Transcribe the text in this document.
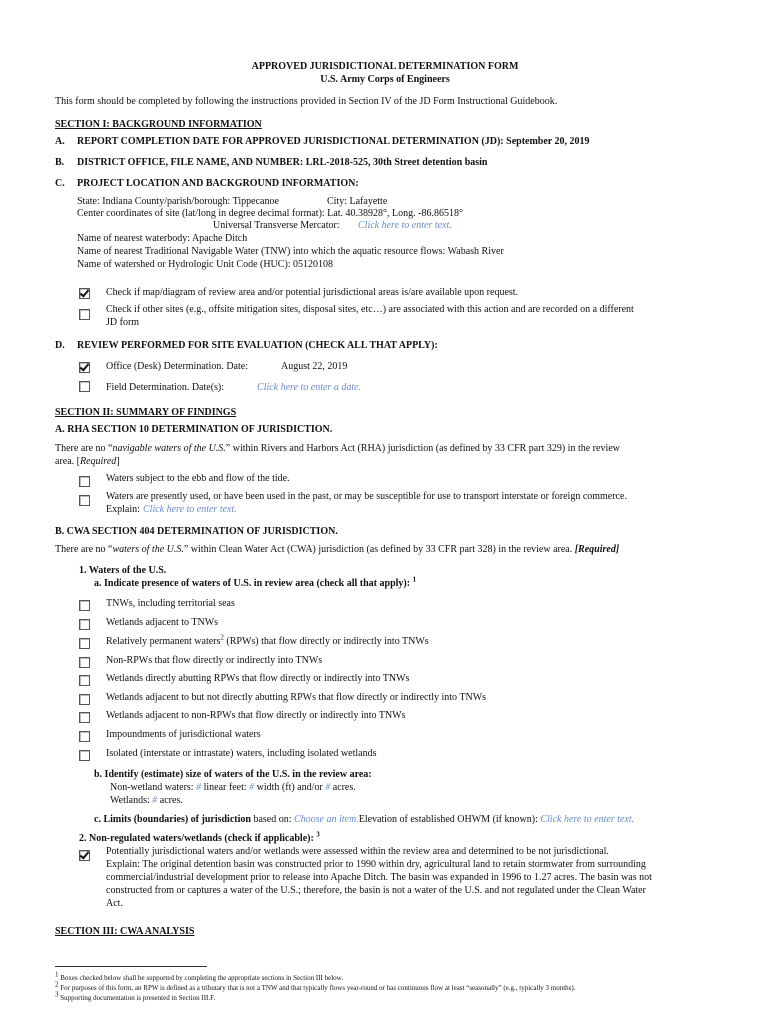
APPROVED JURISDICTIONAL DETERMINATION FORM
U.S. Army Corps of Engineers
This form should be completed by following the instructions provided in Section IV of the JD Form Instructional Guidebook.
SECTION I: BACKGROUND INFORMATION
A. REPORT COMPLETION DATE FOR APPROVED JURISDICTIONAL DETERMINATION (JD): September 20, 2019
B. DISTRICT OFFICE, FILE NAME, AND NUMBER: LRL-2018-525, 30th Street detention basin
C. PROJECT LOCATION AND BACKGROUND INFORMATION:
State: Indiana County/parish/borough: Tippecanoe	City: Lafayette
Center coordinates of site (lat/long in degree decimal format): Lat. 40.38928°, Long. -86.86518°
Universal Transverse Mercator: Click here to enter text.
Name of nearest waterbody: Apache Ditch
Name of nearest Traditional Navigable Water (TNW) into which the aquatic resource flows: Wabash River
Name of watershed or Hydrologic Unit Code (HUC): 05120108
Check if map/diagram of review area and/or potential jurisdictional areas is/are available upon request.
Check if other sites (e.g., offsite mitigation sites, disposal sites, etc…) are associated with this action and are recorded on a different
JD form
D. REVIEW PERFORMED FOR SITE EVALUATION (CHECK ALL THAT APPLY):
Office (Desk) Determination. Date:	August 22, 2019
Field Determination. Date(s):	Click here to enter a date.
SECTION II: SUMMARY OF FINDINGS
A. RHA SECTION 10 DETERMINATION OF JURISDICTION.
There are no “navigable waters of the U.S.” within Rivers and Harbors Act (RHA) jurisdiction (as defined by 33 CFR part 329) in the review
area. [Required]
Waters subject to the ebb and flow of the tide.
Waters are presently used, or have been used in the past, or may be susceptible for use to transport interstate or foreign commerce.
Explain: Click here to enter text.
B. CWA SECTION 404 DETERMINATION OF JURISDICTION.
There are no “waters of the U.S.” within Clean Water Act (CWA) jurisdiction (as defined by 33 CFR part 328) in the review area. [Required]
1. Waters of the U.S.
a. Indicate presence of waters of U.S. in review area (check all that apply): $^1$
TNWs, including territorial seas
Wetlands adjacent to TNWs
Relatively permanent waters$^2$ (RPWs) that flow directly or indirectly into TNWs
Non-RPWs that flow directly or indirectly into TNWs
Wetlands directly abutting RPWs that flow directly or indirectly into TNWs
Wetlands adjacent to but not directly abutting RPWs that flow directly or indirectly into TNWs
Wetlands adjacent to non-RPWs that flow directly or indirectly into TNWs
Impoundments of jurisdictional waters
Isolated (interstate or intrastate) waters, including isolated wetlands
b. Identify (estimate) size of waters of the U.S. in the review area:
Non-wetland waters: # linear feet: # width (ft) and/or # acres.
Wetlands: # acres.
c. Limits (boundaries) of jurisdiction based on: Choose an item.Elevation of established OHWM (if known): Click here to enter text.
2. Non-regulated waters/wetlands (check if applicable): $^3$
Potentially jurisdictional waters and/or wetlands were assessed within the review area and determined to be not jurisdictional.
Explain: The original detention basin was constructed prior to 1990 within dry, agricultural land to retain stormwater from surrounding
commercial/industrial development prior to release into Apache Ditch. The basin was expanded in 1996 to 1.27 acres. The basin was not
constructed from or captures a water of the U.S.; therefore, the basin is not a water of the U.S. and not regulated under the Clean Water
Act.
SECTION III: CWA ANALYSIS
$^1$ Boxes checked below shall be supported by completing the appropriate sections in Section III below.
$^2$ For purposes of this form, an RPW is defined as a tributary that is not a TNW and that typically flows year-round or has continuous flow at least “seasonally” (e.g., typically 3 months).
$^3$ Supporting documentation is presented in Section III.F.
